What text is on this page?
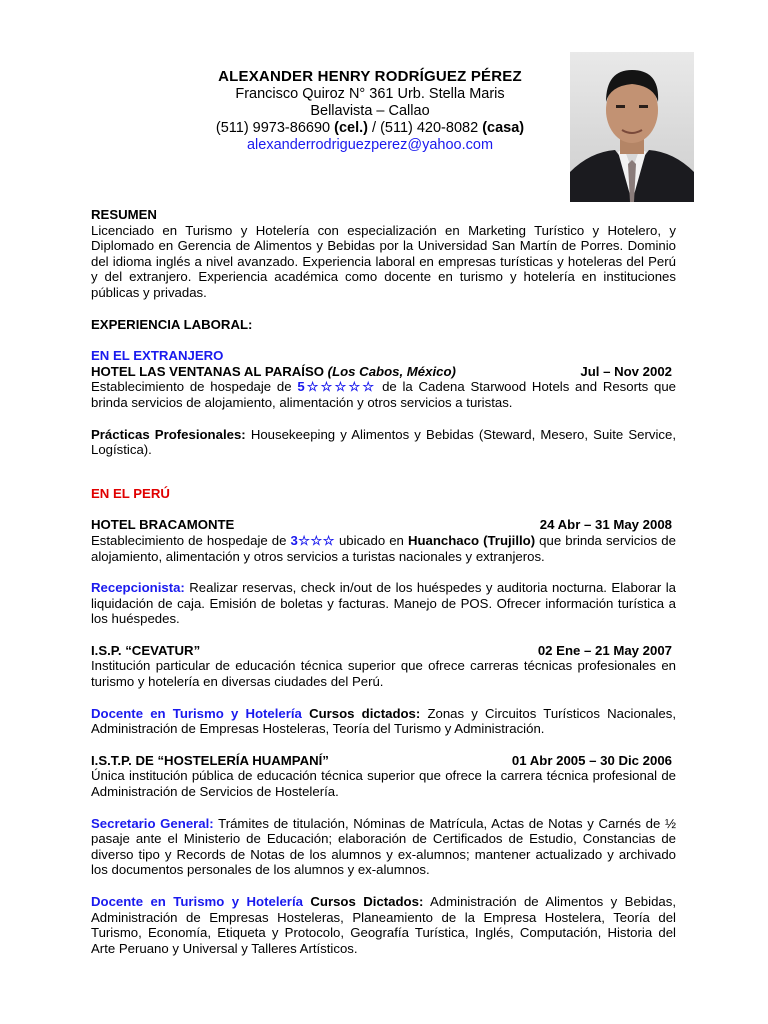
ALEXANDER HENRY RODRÍGUEZ PÉREZ
Francisco Quiroz N° 361 Urb. Stella Maris
Bellavista – Callao
(511) 9973-86690 (cel.) / (511) 420-8082 (casa)
alexanderrodriguezperez@yahoo.com

RESUMEN

Licenciado en Turismo y Hotelería con especialización en Marketing Turístico y Hotelero, y Diplomado en Gerencia de Alimentos y Bebidas por la Universidad San Martín de Porres. Dominio del idioma inglés a nivel avanzado. Experiencia laboral en empresas turísticas y hoteleras del Perú y del extranjero. Experiencia académica como docente en turismo y hotelería en instituciones públicas y privadas.

EXPERIENCIA LABORAL:

EN EL EXTRANJERO

HOTEL LAS VENTANAS AL PARAÍSO (Los Cabos, México)	Jul – Nov 2002

Establecimiento de hospedaje de 5☆☆☆☆☆ de la Cadena Starwood Hotels and Resorts que brinda servicios de alojamiento, alimentación y otros servicios a turistas.

Prácticas Profesionales: Housekeeping y Alimentos y Bebidas (Steward, Mesero, Suite Service, Logística).

EN EL PERÚ

HOTEL BRACAMONTE	24 Abr – 31 May 2008

Establecimiento de hospedaje de 3☆☆☆ ubicado en Huanchaco (Trujillo) que brinda servicios de alojamiento, alimentación y otros servicios a turistas nacionales y extranjeros.

Recepcionista: Realizar reservas, check in/out de los huéspedes y auditoria nocturna. Elaborar la liquidación de caja. Emisión de boletas y facturas. Manejo de POS. Ofrecer información turística a los huéspedes.

I.S.P. “CEVATUR”	02 Ene – 21 May 2007

Institución particular de educación técnica superior que ofrece carreras técnicas profesionales en turismo y hotelería en diversas ciudades del Perú.

Docente en Turismo y Hotelería Cursos dictados: Zonas y Circuitos Turísticos Nacionales, Administración de Empresas Hosteleras, Teoría del Turismo y Administración.

I.S.T.P. DE “HOSTELERÍA HUAMPANÍ”	01 Abr 2005 – 30 Dic 2006

Única institución pública de educación técnica superior que ofrece la carrera técnica profesional de Administración de Servicios de Hostelería.

Secretario General: Trámites de titulación, Nóminas de Matrícula, Actas de Notas y Carnés de ½ pasaje ante el Ministerio de Educación; elaboración de Certificados de Estudio, Constancias de diverso tipo y Records de Notas de los alumnos y ex-alumnos; mantener actualizado y archivado los documentos personales de los alumnos y ex-alumnos.

Docente en Turismo y Hotelería Cursos Dictados: Administración de Alimentos y Bebidas, Administración de Empresas Hosteleras, Planeamiento de la Empresa Hostelera, Teoría del Turismo, Economía, Etiqueta y Protocolo, Geografía Turística, Inglés, Computación, Historia del Arte Peruano y Universal y Talleres Artísticos.
